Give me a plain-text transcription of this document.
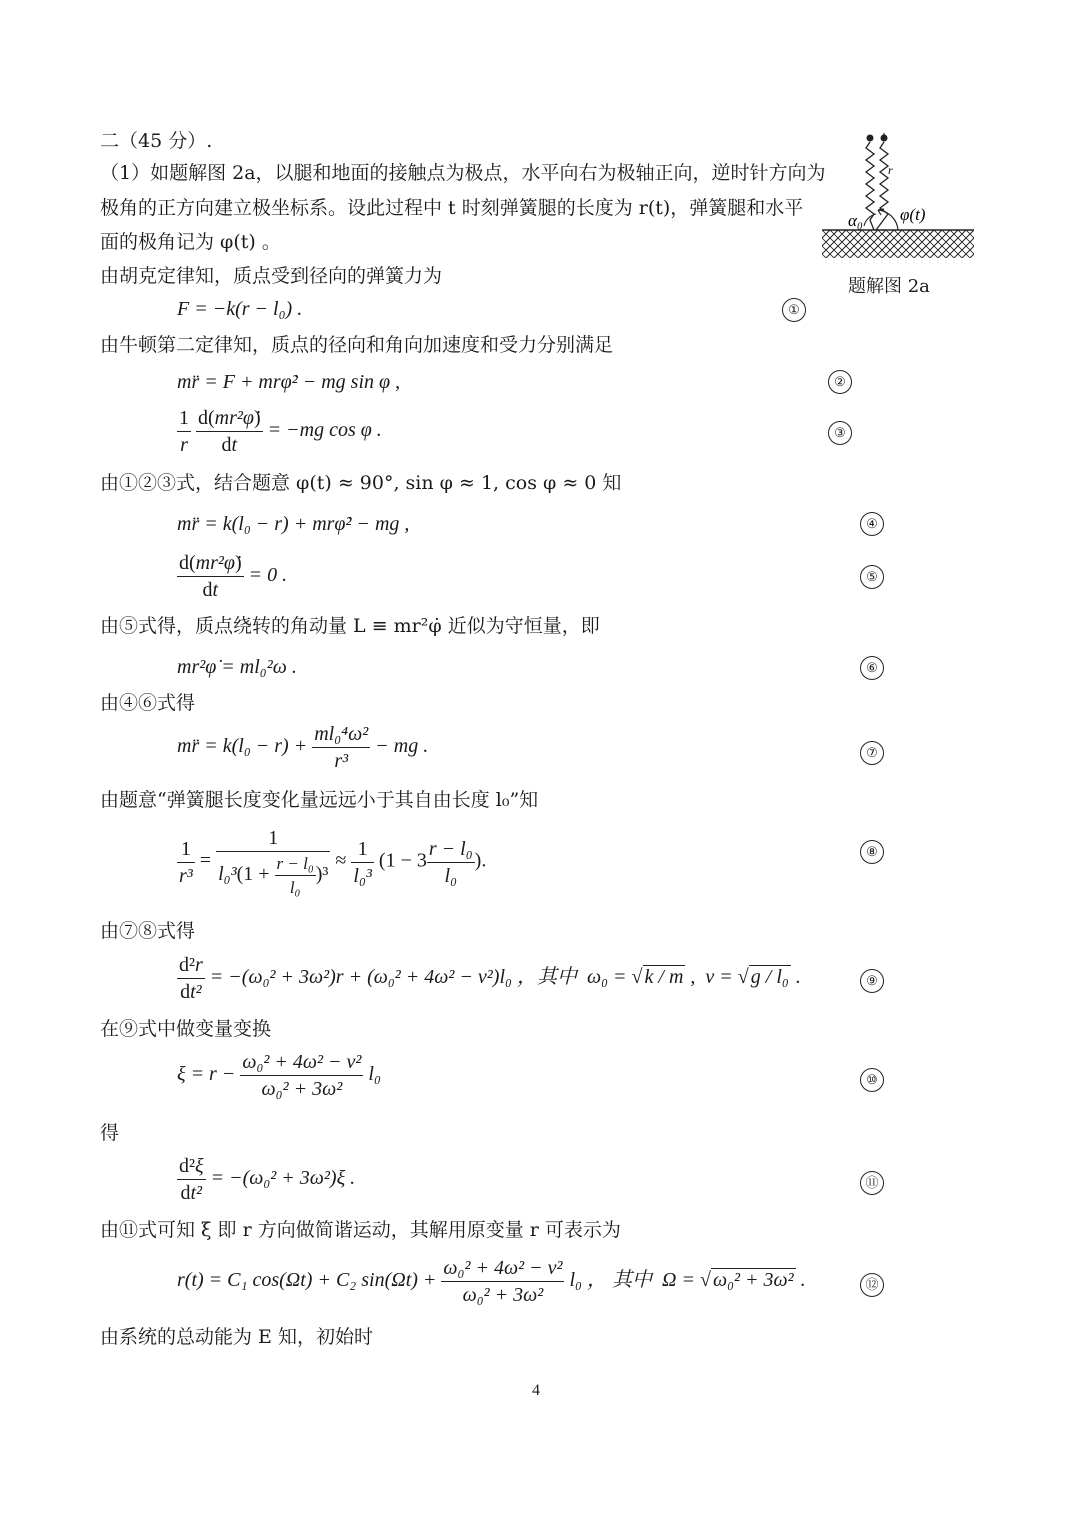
二（45 分）.
（1）如题解图 2a，以腿和地面的接触点为极点，水平向右为极轴正向，逆时针方向为
极角的正方向建立极坐标系。设此过程中 t 时刻弹簧腿的长度为 r(t)，弹簧腿和水平
面的极角记为 φ(t) 。
r
α₀ φ(t)
题解图 2a
由胡克定律知，质点受到径向的弹簧力为
F = −k(r − l₀) .	①
由牛顿第二定律知，质点的径向和角向加速度和受力分别满足
mr̈ = F + mrφ̇² − mg sin φ ,	②
$\frac{1}{r}$
$\frac{\text{d(mr²φ̇)}}{dt} = -mg$ cos φ .	③
由①②③式，结合题意 φ(t) ≈ 90°, sin φ ≈ 1, cos φ ≈ 0 知
mr̈ = k(l₀ − r) + mrφ̇² − mg ,	④
$\frac{\text{d(mr²φ̇)}}{dt} = 0$ .	⑤
由⑤式得，质点绕转的角动量 L ≡ mr²φ̇ 近似为守恒量，即
mr²φ̇ = ml₀²ω .	⑥
由④⑥式得
mr̈ = $k(l_0 - r) + \frac{\text{ml₀⁴ω²}}{\text{r³}}$ − mg .	⑦
由题意“弹簧腿长度变化量远远小于其自由长度 l₀”知
$\frac{1}{\text{r³}} = \frac{1}{l_0^3(1 + \frac{\text{r − l₀}}{\text{l₀}} )^3} \approx \frac{1}{\text{l₀³}} (1 - 3 \frac{\text{r − l₀}}{\text{l₀}}$ ).	⑧
由⑦⑧式得
$\frac{\text{d²r}}{\text{dt²}} = -(\omega_0^2 + 3\omega^2)r + (\omega_0^2 + 4\omega^2 - \nu^2)l_0$ ，其中 ω₀ = √ k / m ,  ν = √ g / l₀ .	⑨
在⑨式中做变量变换
$\xi = r - \frac{\text{ω₀² + 4ω² − ν²}}{\text{ω₀² + 3ω²}} l_0$	⑩
得
$\frac{\text{d²ξ}}{\text{dt²}} = -(\omega_0^2 + 3\omega^2)\xi$ .	⑪
由⑪式可知 ξ 即 r 方向做简谐运动，其解用原变量 r 可表示为
r(t) = C₁ cos(Ωt) + C₂ $\sin(\Omega t) + \frac{\text{ω₀² + 4ω² − ν²}}{\text{ω₀² + 3ω²}} l_0$ ， 其中 Ω = √ ω₀² + 3ω² .	⑫
由系统的总动能为 E 知，初始时
4
